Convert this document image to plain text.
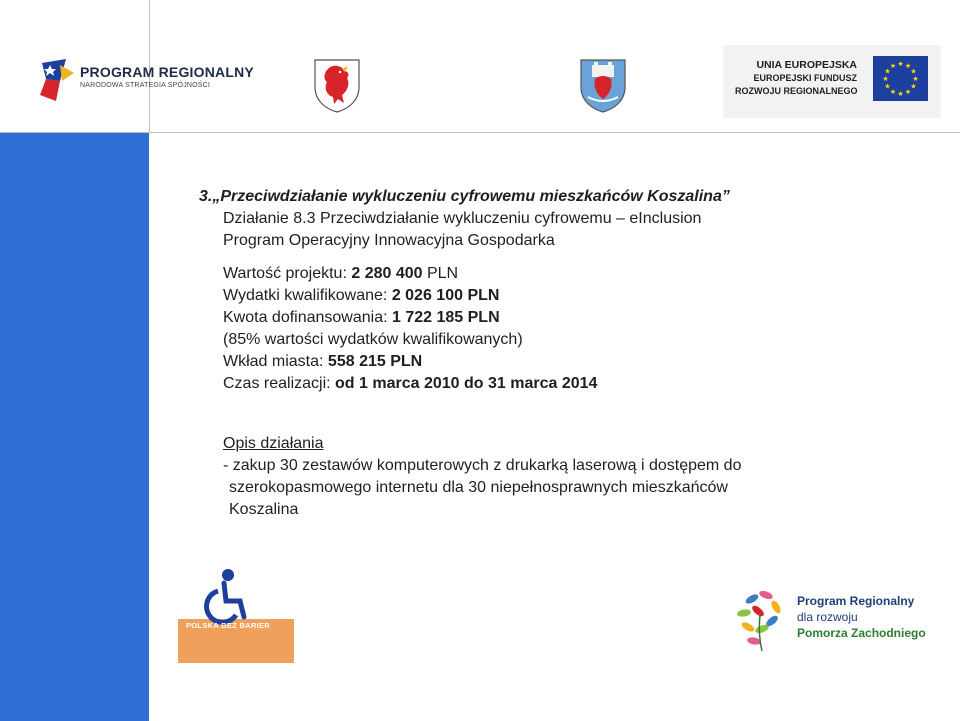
PROGRAM REGIONALNY
NARODOWA STRATEGIA SPÓJNOŚCI
UNIA EUROPEJSKA
EUROPEJSKI FUNDUSZ
ROZWOJU REGIONALNEGO
★ ★
★
★
★
★
★
★
★
★
★
★
3.„Przeciwdziałanie wykluczeniu cyfrowemu mieszkańców Koszalina”
Działanie 8.3 Przeciwdziałanie wykluczeniu cyfrowemu – eInclusion
Program Operacyjny Innowacyjna Gospodarka
Wartość projektu: 2 280 400 PLN
Wydatki kwalifikowane: 2 026 100 PLN
Kwota dofinansowania: 1 722 185 PLN
(85% wartości wydatków kwalifikowanych)
Wkład miasta: 558 215 PLN
Czas realizacji: od 1 marca 2010 do 31 marca 2014
Opis działania
- zakup 30 zestawów komputerowych z drukarką laserową i dostępem do
szerokopasmowego internetu dla 30 niepełnosprawnych mieszkańców
Koszalina
POLSKA BEZ BARIER
Program Regionalny
dla rozwoju
Pomorza Zachodniego
